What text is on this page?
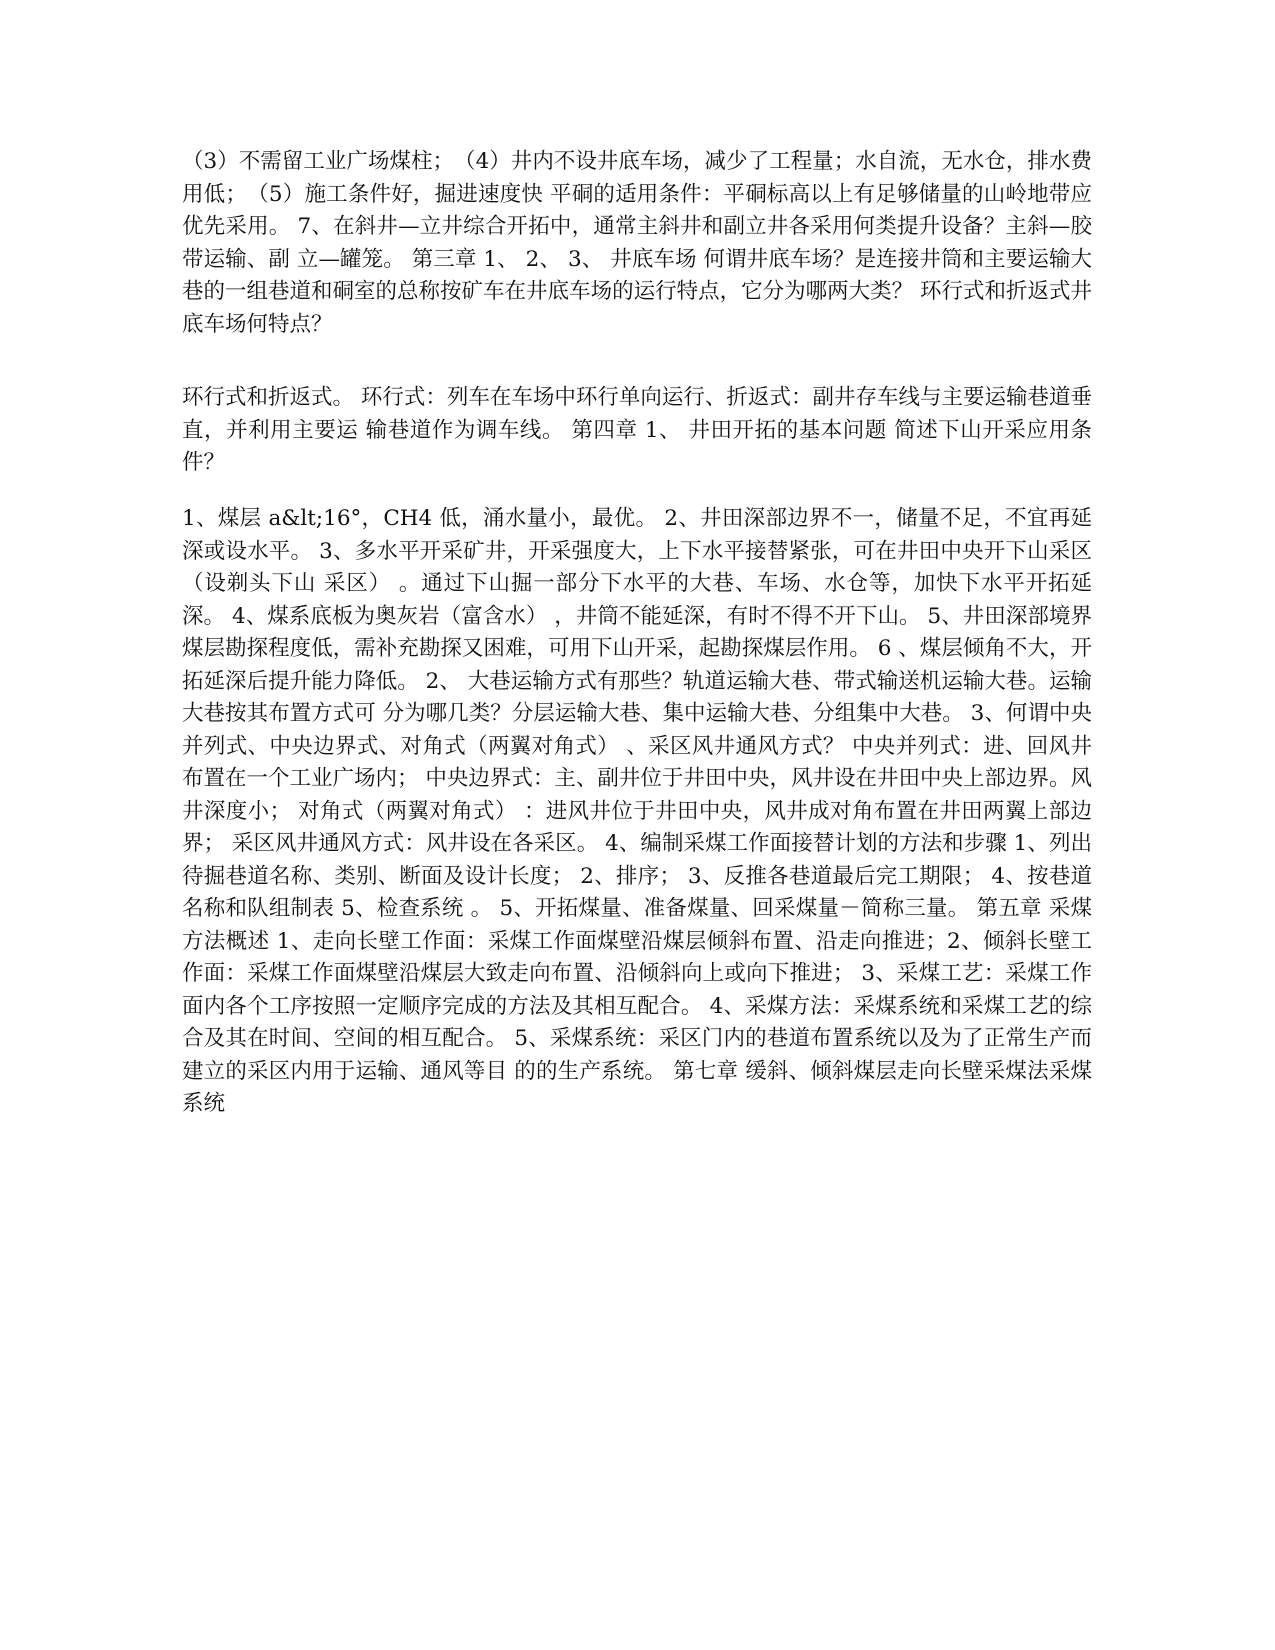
（3）不需留工业广场煤柱；　（4）井内不设井底车场，减少了工程量；水自流，无水仓，排水费用低；　（5）施工条件好，掘进速度快 平硐的适用条件：平硐标高以上有足够储量的山岭地带应优先采用。 7、在斜井—立井综合开拓中，通常主斜井和副立井各采用何类提升设备？主斜—胶带运输、副 立—罐笼。 第三章 1、 2、 3、 井底车场 何谓井底车场？是连接井筒和主要运输大巷的一组巷道和硐室的总称按矿车在井底车场的运行特点，它分为哪两大类？ 环行式和折返式井底车场何特点？

环行式和折返式。 环行式：列车在车场中环行单向运行、折返式：副井存车线与主要运输巷道垂直，并利用主要运 输巷道作为调车线。 第四章 1、 井田开拓的基本问题 简述下山开采应用条件？

1、煤层 a&lt;16°，CH4 低，涌水量小，最优。 2、井田深部边界不一，储量不足，不宜再延深或设水平。 3、多水平开采矿井，开采强度大，上下水平接替紧张，可在井田中央开下山采区（设剃头下山 采区） 。通过下山掘一部分下水平的大巷、车场、水仓等，加快下水平开拓延深。 4、煤系底板为奥灰岩（富含水） ，井筒不能延深，有时不得不开下山。 5、井田深部境界煤层勘探程度低，需补充勘探又困难，可用下山开采，起勘探煤层作用。 6 、煤层倾角不大，开拓延深后提升能力降低。 2、 大巷运输方式有那些？轨道运输大巷、带式输送机运输大巷。运输大巷按其布置方式可 分为哪几类？分层运输大巷、集中运输大巷、分组集中大巷。 3、何谓中央并列式、中央边界式、对角式（两翼对角式） 、采区风井通风方式？ 中央并列式：进、回风井布置在一个工业广场内； 中央边界式：主、副井位于井田中央，风井设在井田中央上部边界。风井深度小； 对角式（两翼对角式） ：进风井位于井田中央，风井成对角布置在井田两翼上部边界； 采区风井通风方式：风井设在各采区。 4、编制采煤工作面接替计划的方法和步骤 1、列出待掘巷道名称、类别、断面及设计长度； 2、排序； 3、反推各巷道最后完工期限； 4、按巷道名称和队组制表 5、检查系统 。 5、开拓煤量、准备煤量、回采煤量－简称三量。 第五章 采煤方法概述 1、走向长壁工作面：采煤工作面煤壁沿煤层倾斜布置、沿走向推进；2、倾斜长壁工作面：采煤工作面煤壁沿煤层大致走向布置、沿倾斜向上或向下推进； 3、采煤工艺：采煤工作面内各个工序按照一定顺序完成的方法及其相互配合。 4、采煤方法：采煤系统和采煤工艺的综合及其在时间、空间的相互配合。 5、采煤系统：采区门内的巷道布置系统以及为了正常生产而建立的采区内用于运输、通风等目 的的生产系统。 第七章 缓斜、倾斜煤层走向长壁采煤法采煤系统
